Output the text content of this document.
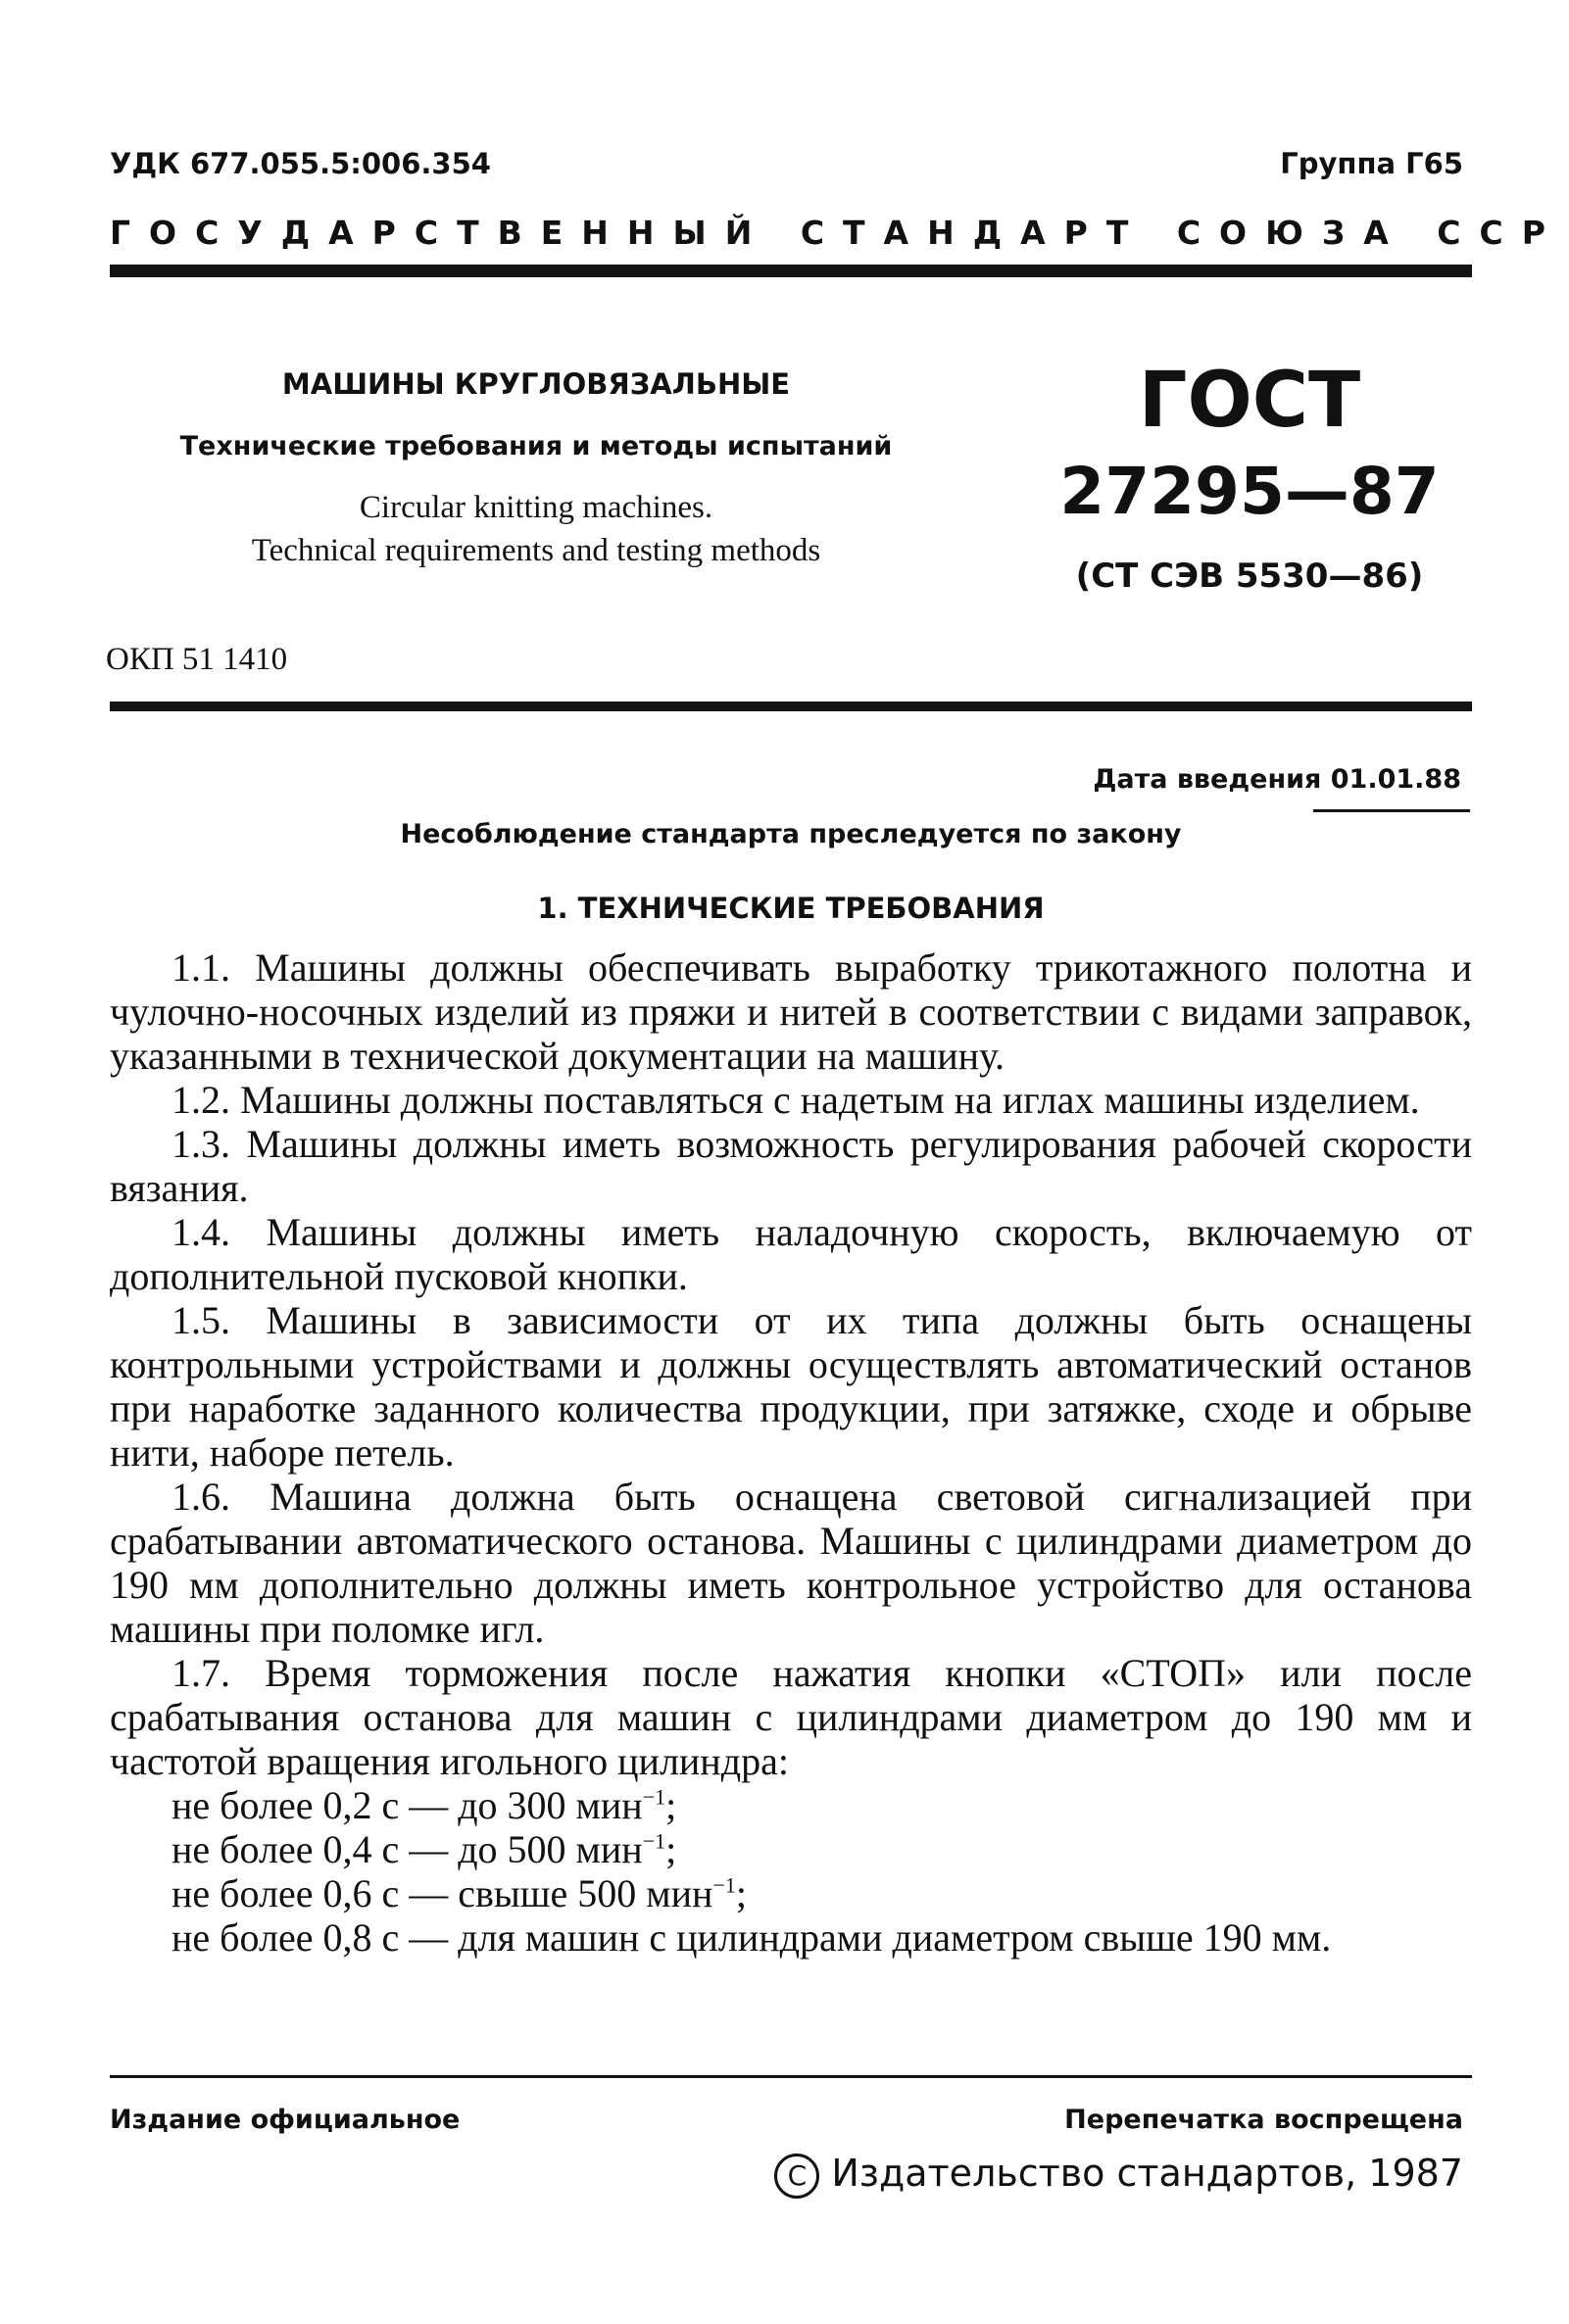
УДК 677.055.5:006.354	Группа Г65
ГОСУДАРСТВЕННЫЙ СТАНДАРТ СОЮЗА ССР
МАШИНЫ КРУГЛОВЯЗАЛЬНЫЕ
Технические требования и методы испытаний
Circular knitting machines.
Technical requirements and testing methods
ГОСТ
27295—87
(СТ СЭВ 5530—86)
ОКП 51 1410
Дата введения 01.01.88
Несоблюдение стандарта преследуется по закону
1. ТЕХНИЧЕСКИЕ ТРЕБОВАНИЯ

1.1. Машины должны обеспечивать выработку трикотажного полотна и чулочно-носочных изделий из пряжи и нитей в соответствии с видами заправок, указанными в технической документации на машину.

1.2. Машины должны поставляться с надетым на иглах машины изделием.

1.3. Машины должны иметь возможность регулирования рабочей скорости вязания.

1.4. Машины должны иметь наладочную скорость, включаемую от дополнительной пусковой кнопки.

1.5. Машины в зависимости от их типа должны быть оснащены контрольными устройствами и должны осуществлять автоматический останов при наработке заданного количества продукции, при затяжке, сходе и обрыве нити, наборе петель.

1.6. Машина должна быть оснащена световой сигнализацией при срабатывании автоматического останова. Машины с цилиндрами диаметром до 190 мм дополнительно должны иметь контрольное устройство для останова машины при поломке игл.

1.7. Время торможения после нажатия кнопки «СТОП» или после срабатывания останова для машин с цилиндрами диаметром до 190 мм и частотой вращения игольного цилиндра:

не более 0,2 с — до 300 мин$^{-1}$;

не более 0,4 с — до 500 мин$^{-1}$;

не более 0,6 с — свыше 500 мин$^{-1}$;

не более 0,8 с — для машин с цилиндрами диаметром свыше 190 мм.

Издание официальное	Перепечатка воспрещена
C Издательство стандартов, 1987
